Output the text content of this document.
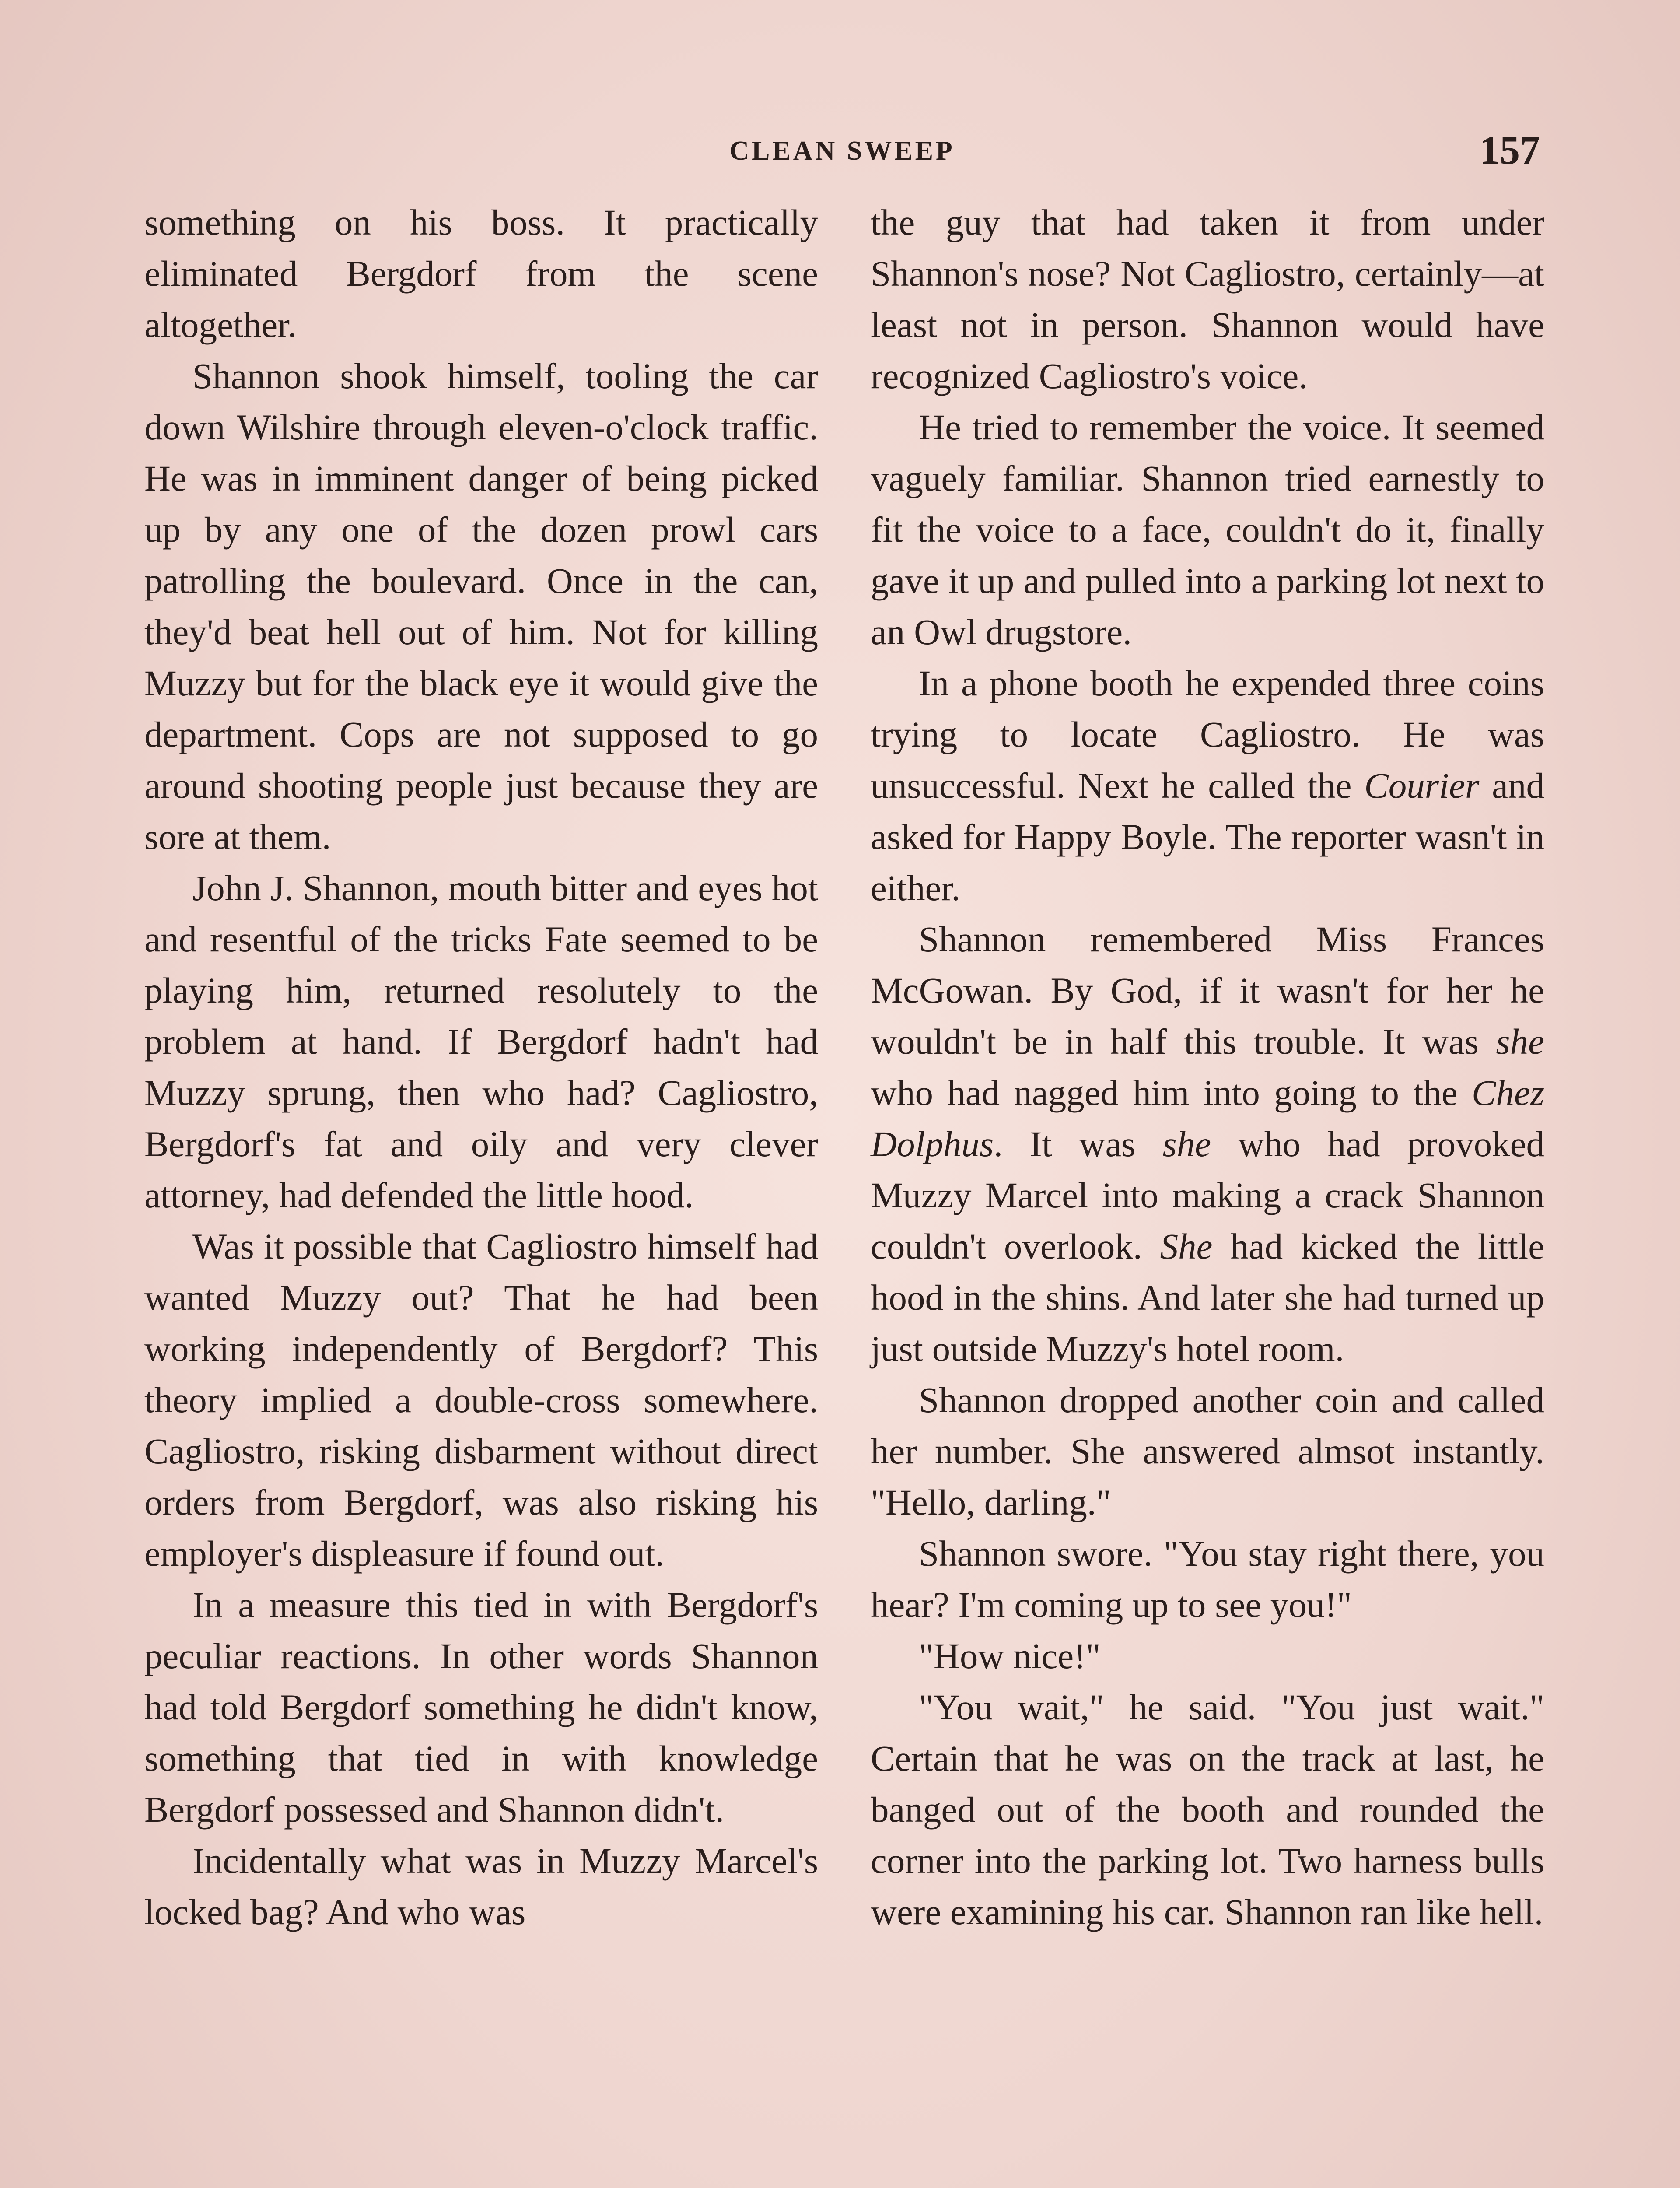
CLEAN SWEEP	157

something on his boss. It practically eliminated Bergdorf from the scene altogether.

Shannon shook himself, tooling the car down Wilshire through eleven-o'clock traffic. He was in imminent danger of being picked up by any one of the dozen prowl cars patrolling the boulevard. Once in the can, they'd beat hell out of him. Not for killing Muzzy but for the black eye it would give the department. Cops are not supposed to go around shooting people just because they are sore at them.

John J. Shannon, mouth bitter and eyes hot and resentful of the tricks Fate seemed to be playing him, returned resolutely to the problem at hand. If Bergdorf hadn't had Muzzy sprung, then who had? Cagliostro, Bergdorf's fat and oily and very clever attorney, had defended the little hood.

Was it possible that Cagliostro himself had wanted Muzzy out? That he had been working independently of Bergdorf? This theory implied a double-cross somewhere. Cagliostro, risking disbarment without direct orders from Bergdorf, was also risking his employer's displeasure if found out.

In a measure this tied in with Bergdorf's peculiar reactions. In other words Shannon had told Bergdorf something he didn't know, something that tied in with knowledge Bergdorf possessed and Shannon didn't.

Incidentally what was in Muzzy Marcel's locked bag? And who was

the guy that had taken it from under Shannon's nose? Not Cagliostro, certainly—at least not in person. Shannon would have recognized Cagliostro's voice.

He tried to remember the voice. It seemed vaguely familiar. Shannon tried earnestly to fit the voice to a face, couldn't do it, finally gave it up and pulled into a parking lot next to an Owl drugstore.

In a phone booth he expended three coins trying to locate Cagliostro. He was unsuccessful. Next he called the Courier and asked for Happy Boyle. The reporter wasn't in either.

Shannon remembered Miss Frances McGowan. By God, if it wasn't for her he wouldn't be in half this trouble. It was she who had nagged him into going to the Chez Dolphus. It was she who had provoked Muzzy Marcel into making a crack Shannon couldn't overlook. She had kicked the little hood in the shins. And later she had turned up just outside Muzzy's hotel room.

Shannon dropped another coin and called her number. She answered almsot instantly. "Hello, darling."

Shannon swore. "You stay right there, you hear? I'm coming up to see you!"

"How nice!"

"You wait," he said. "You just wait." Certain that he was on the track at last, he banged out of the booth and rounded the corner into the parking lot. Two harness bulls were examining his car. Shannon ran like hell.
